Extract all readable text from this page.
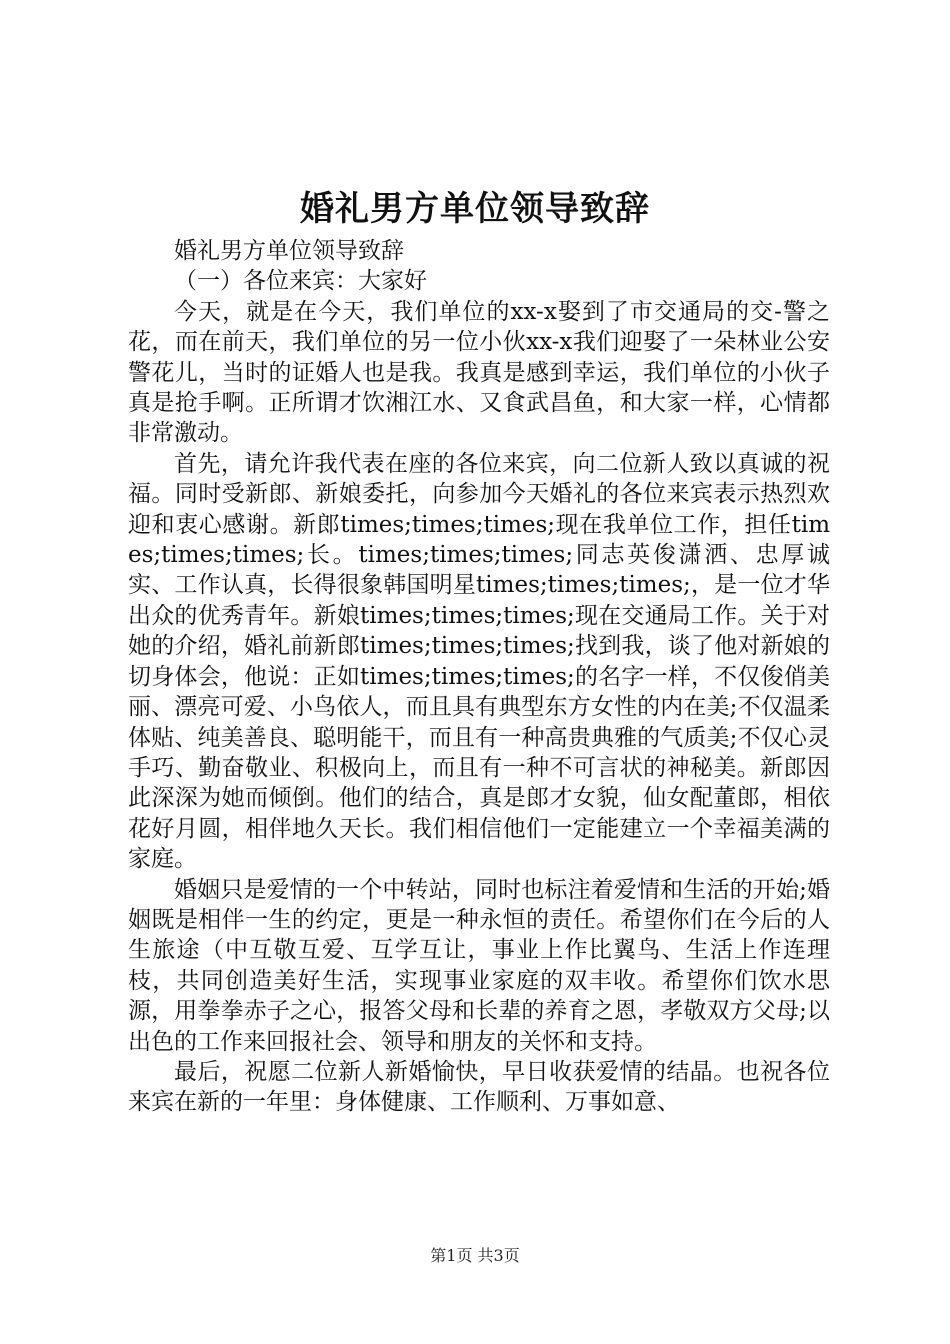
婚礼男方单位领导致辞

婚礼男方单位领导致辞

（一）各位来宾：大家好

今天，就是在今天，我们单位的xx-x娶到了市交通局的交-警之花，而在前天，我们单位的另一位小伙xx-x我们迎娶了一朵林业公安警花儿，当时的证婚人也是我。我真是感到幸运，我们单位的小伙子真是抢手啊。正所谓才饮湘江水、又食武昌鱼，和大家一样，心情都非常激动。

首先，请允许我代表在座的各位来宾，向二位新人致以真诚的祝福。同时受新郎、新娘委托，向参加今天婚礼的各位来宾表示热烈欢迎和衷心感谢。新郎times;times;times;现在我单位工作，担任times;times;times;长。times;times;times;同志英俊潇洒、忠厚诚实、工作认真，长得很象韩国明星times;times;times;，是一位才华出众的优秀青年。新娘times;times;times;现在交通局工作。关于对她的介绍，婚礼前新郎times;times;times;找到我，谈了他对新娘的切身体会，他说：正如times;times;times;的名字一样，不仅俊俏美丽、漂亮可爱、小鸟依人，而且具有典型东方女性的内在美;不仅温柔体贴、纯美善良、聪明能干，而且有一种高贵典雅的气质美;不仅心灵手巧、勤奋敬业、积极向上，而且有一种不可言状的神秘美。新郎因此深深为她而倾倒。他们的结合，真是郎才女貌，仙女配董郎，相依花好月圆，相伴地久天长。我们相信他们一定能建立一个幸福美满的家庭。

婚姻只是爱情的一个中转站，同时也标注着爱情和生活的开始;婚姻既是相伴一生的约定，更是一种永恒的责任。希望你们在今后的人生旅途（中互敬互爱、互学互让，事业上作比翼鸟、生活上作连理枝，共同创造美好生活，实现事业家庭的双丰收。希望你们饮水思源，用拳拳赤子之心，报答父母和长辈的养育之恩，孝敬双方父母;以出色的工作来回报社会、领导和朋友的关怀和支持。

最后，祝愿二位新人新婚愉快，早日收获爱情的结晶。也祝各位来宾在新的一年里：身体健康、工作顺利、万事如意、

第1页 共3页
